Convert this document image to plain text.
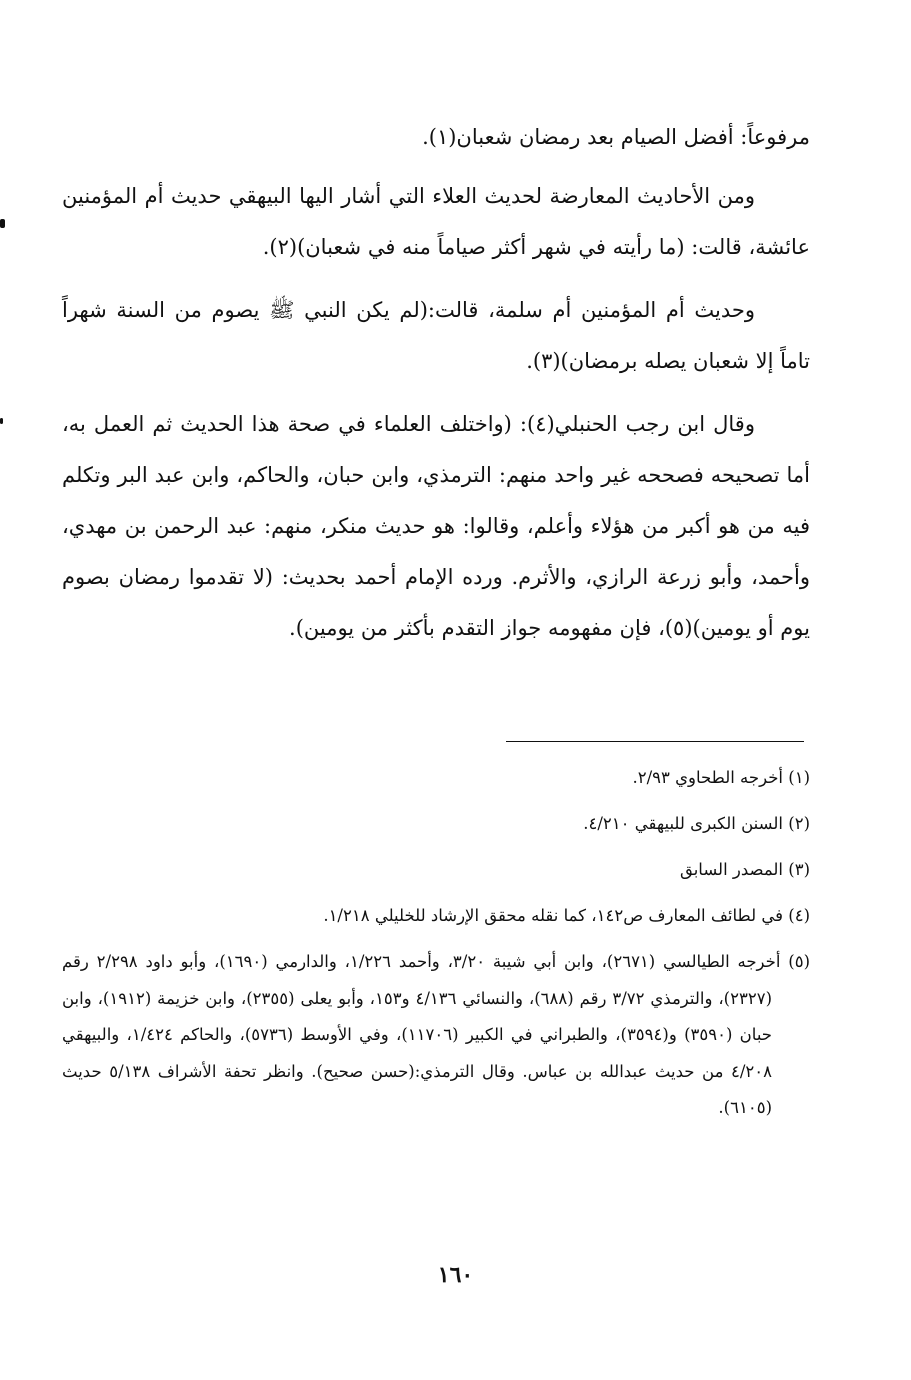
مرفوعاً: أفضل الصيام بعد رمضان شعبان(١).

ومن الأحاديث المعارضة لحديث العلاء التي أشار اليها البيهقي حديث أم المؤمنين عائشة، قالت: (ما رأيته في شهر أكثر صياماً منه في شعبان)(٢).

وحديث أم المؤمنين أم سلمة، قالت:(لم يكن النبي ﷺ يصوم من السنة شهراً تاماً إلا شعبان يصله برمضان)(٣).

وقال ابن رجب الحنبلي(٤): (واختلف العلماء في صحة هذا الحديث ثم العمل به، أما تصحيحه فصححه غير واحد منهم: الترمذي، وابن حبان، والحاكم، وابن عبد البر وتكلم فيه من هو أكبر من هؤلاء وأعلم، وقالوا: هو حديث منكر، منهم: عبد الرحمن بن مهدي، وأحمد، وأبو زرعة الرازي، والأثرم. ورده الإمام أحمد بحديث: (لا تقدموا رمضان بصوم يوم أو يومين)(٥)، فإن مفهومه جواز التقدم بأكثر من يومين).

(١) أخرجه الطحاوي ٢/٩٣.

(٢) السنن الكبرى للبيهقي ٤/٢١٠.

(٣) المصدر السابق

(٤) في لطائف المعارف ص١٤٢، كما نقله محقق الإرشاد للخليلي ١/٢١٨.

(٥) أخرجه الطيالسي (٢٦٧١)، وابن أبي شيبة ٣/٢٠، وأحمد ١/٢٢٦، والدارمي (١٦٩٠)، وأبو داود ٢/٢٩٨ رقم (٢٣٢٧)، والترمذي ٣/٧٢ رقم (٦٨٨)، والنسائي ٤/١٣٦ و١٥٣، وأبو يعلى (٢٣٥٥)، وابن خزيمة (١٩١٢)، وابن حبان (٣٥٩٠) و(٣٥٩٤)، والطبراني في الكبير (١١٧٠٦)، وفي الأوسط (٥٧٣٦)، والحاكم ١/٤٢٤، والبيهقي ٤/٢٠٨ من حديث عبدالله بن عباس. وقال الترمذي:(حسن صحيح). وانظر تحفة الأشراف ٥/١٣٨ حديث (٦١٠٥).

١٦٠
